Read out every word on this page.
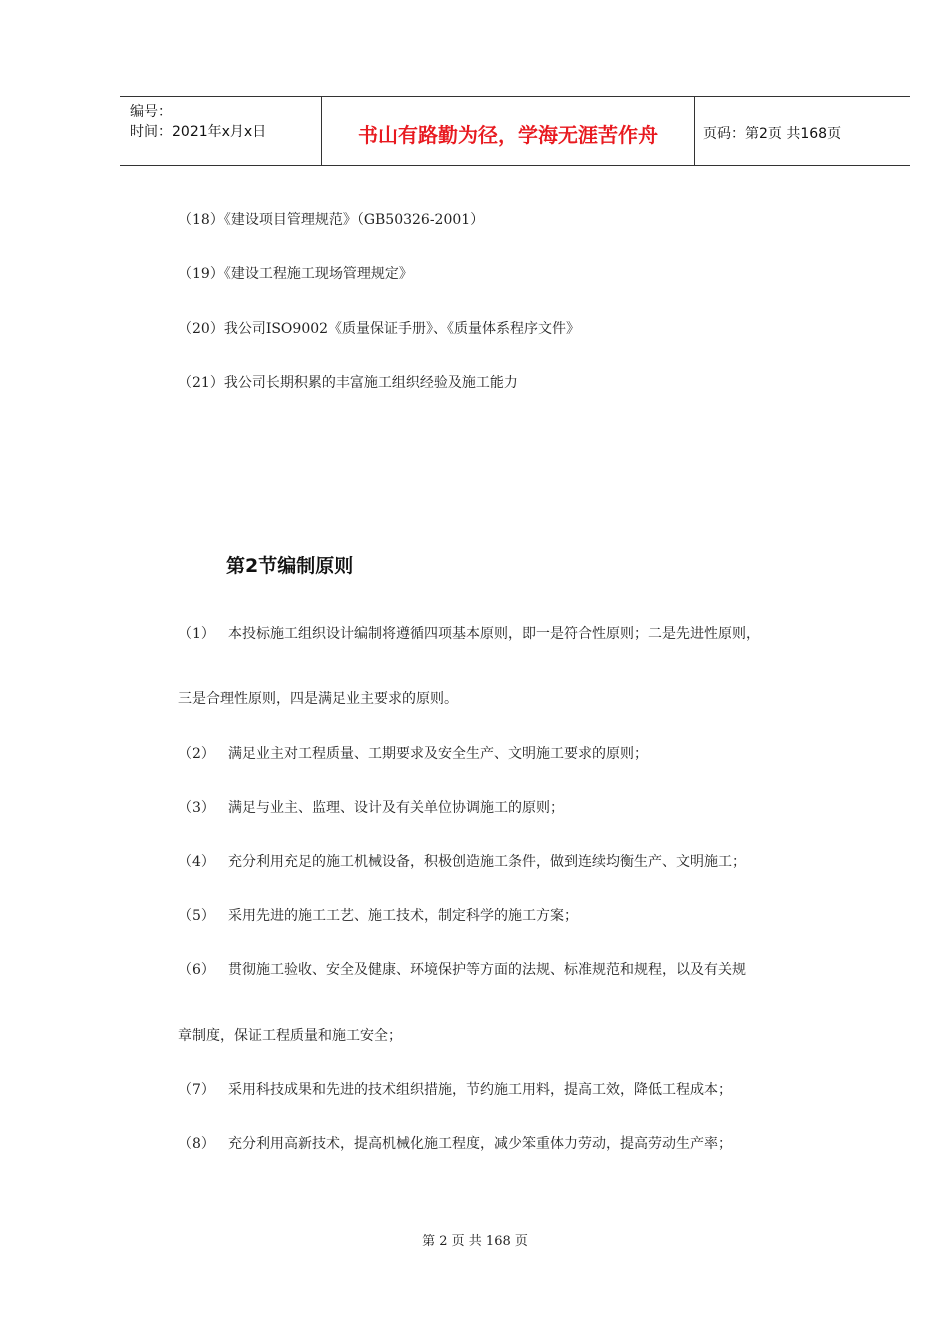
编号：
时间：2021年x月x日	书山有路勤为径，学海无涯苦作舟	页码：第2页 共168页
（18）《建设项目管理规范》（GB50326-2001）
（19）《建设工程施工现场管理规定》
（20）我公司ISO9002《质量保证手册》、《质量体系程序文件》
（21）我公司长期积累的丰富施工组织经验及施工能力
第2节编制原则
（1） 本投标施工组织设计编制将遵循四项基本原则，即一是符合性原则；二是先进性原则，
三是合理性原则，四是满足业主要求的原则。
（2） 满足业主对工程质量、工期要求及安全生产、文明施工要求的原则；
（3） 满足与业主、监理、设计及有关单位协调施工的原则；
（4） 充分利用充足的施工机械设备，积极创造施工条件，做到连续均衡生产、文明施工；
（5） 采用先进的施工工艺、施工技术，制定科学的施工方案；
（6） 贯彻施工验收、安全及健康、环境保护等方面的法规、标准规范和规程，以及有关规
章制度，保证工程质量和施工安全；
（7） 采用科技成果和先进的技术组织措施，节约施工用料，提高工效，降低工程成本；
（8） 充分利用高新技术，提高机械化施工程度，减少笨重体力劳动，提高劳动生产率；
第 2 页 共 168 页
